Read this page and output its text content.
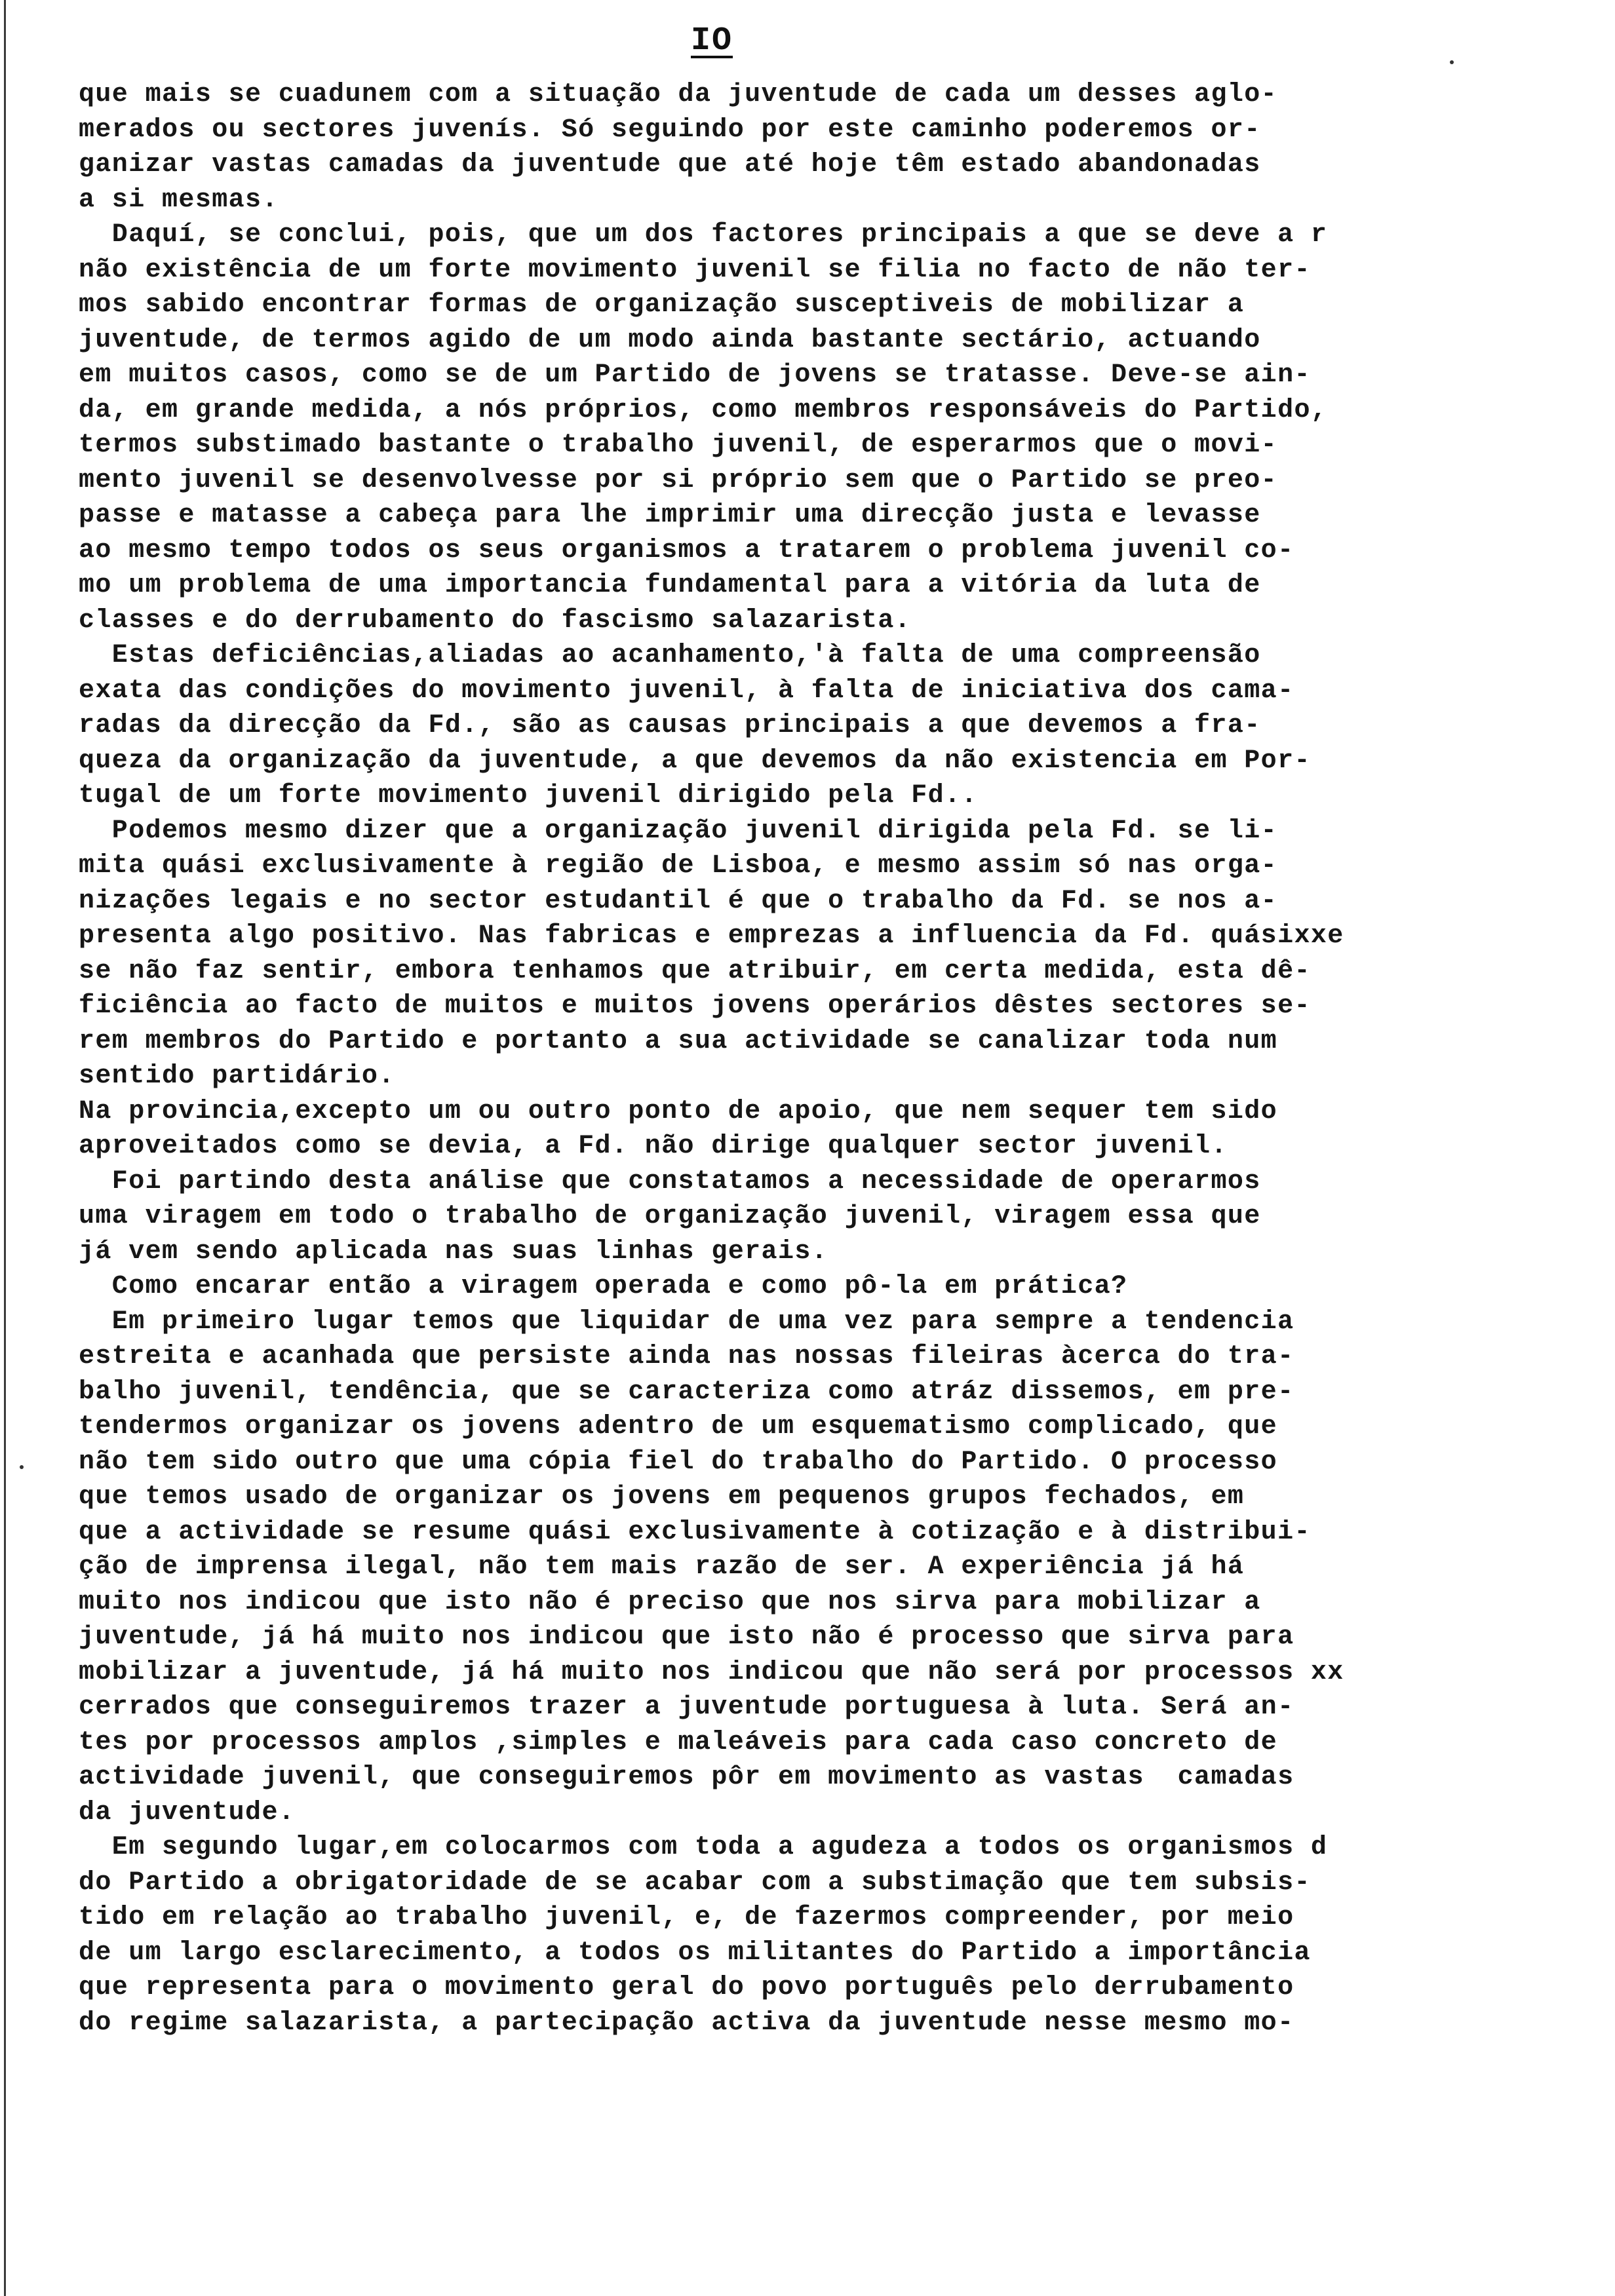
IO
que mais se cuadunem com a situação da juventude de cada um desses aglo-
merados ou sectores juvenís. Só seguindo por este caminho poderemos or-
ganizar vastas camadas da juventude que até hoje têm estado abandonadas
a si mesmas.
Daquí, se conclui, pois, que um dos factores principais a que se deve a r
não existência de um forte movimento juvenil se filia no facto de não ter-
mos sabido encontrar formas de organização susceptiveis de mobilizar a
juventude, de termos agido de um modo ainda bastante sectário, actuando
em muitos casos, como se de um Partido de jovens se tratasse. Deve-se ain-
da, em grande medida, a nós próprios, como membros responsáveis do Partido,
termos substimado bastante o trabalho juvenil, de esperarmos que o movi-
mento juvenil se desenvolvesse por si próprio sem que o Partido se preo-
passe e matasse a cabeça para lhe imprimir uma direcção justa e levasse
ao mesmo tempo todos os seus organismos a tratarem o problema juvenil co-
mo um problema de uma importancia fundamental para a vitória da luta de
classes e do derrubamento do fascismo salazarista.
Estas deficiências,aliadas ao acanhamento,'à falta de uma compreensão
exata das condições do movimento juvenil, à falta de iniciativa dos cama-
radas da direcção da Fd., são as causas principais a que devemos a fra-
queza da organização da juventude, a que devemos da não existencia em Por-
tugal de um forte movimento juvenil dirigido pela Fd..
Podemos mesmo dizer que a organização juvenil dirigida pela Fd. se li-
mita quási exclusivamente à região de Lisboa, e mesmo assim só nas orga-
nizações legais e no sector estudantil é que o trabalho da Fd. se nos a-
presenta algo positivo. Nas fabricas e emprezas a influencia da Fd. quásixxe
se não faz sentir, embora tenhamos que atribuir, em certa medida, esta dê-
ficiência ao facto de muitos e muitos jovens operários dêstes sectores se-
rem membros do Partido e portanto a sua actividade se canalizar toda num
sentido partidário.
Na provincia,excepto um ou outro ponto de apoio, que nem sequer tem sido
aproveitados como se devia, a Fd. não dirige qualquer sector juvenil.
Foi partindo desta análise que constatamos a necessidade de operarmos
uma viragem em todo o trabalho de organização juvenil, viragem essa que
já vem sendo aplicada nas suas linhas gerais.
Como encarar então a viragem operada e como pô-la em prática?
Em primeiro lugar temos que liquidar de uma vez para sempre a tendencia
estreita e acanhada que persiste ainda nas nossas fileiras àcerca do tra-
balho juvenil, tendência, que se caracteriza como atráz dissemos, em pre-
tendermos organizar os jovens adentro de um esquematismo complicado, que
não tem sido outro que uma cópia fiel do trabalho do Partido. O processo
que temos usado de organizar os jovens em pequenos grupos fechados, em
que a actividade se resume quási exclusivamente à cotização e à distribui-
ção de imprensa ilegal, não tem mais razão de ser. A experiência já há
muito nos indicou que isto não é preciso que nos sirva para mobilizar a
juventude, já há muito nos indicou que isto não é processo que sirva para
mobilizar a juventude, já há muito nos indicou que não será por processos xx
cerrados que conseguiremos trazer a juventude portuguesa à luta. Será an-
tes por processos amplos ,simples e maleáveis para cada caso concreto de
actividade juvenil, que conseguiremos pôr em movimento as vastas  camadas
da juventude.
Em segundo lugar,em colocarmos com toda a agudeza a todos os organismos d
do Partido a obrigatoridade de se acabar com a substimação que tem subsis-
tido em relação ao trabalho juvenil, e, de fazermos compreender, por meio
de um largo esclarecimento, a todos os militantes do Partido a importância
que representa para o movimento geral do povo português pelo derrubamento
do regime salazarista, a partecipação activa da juventude nesse mesmo mo-
